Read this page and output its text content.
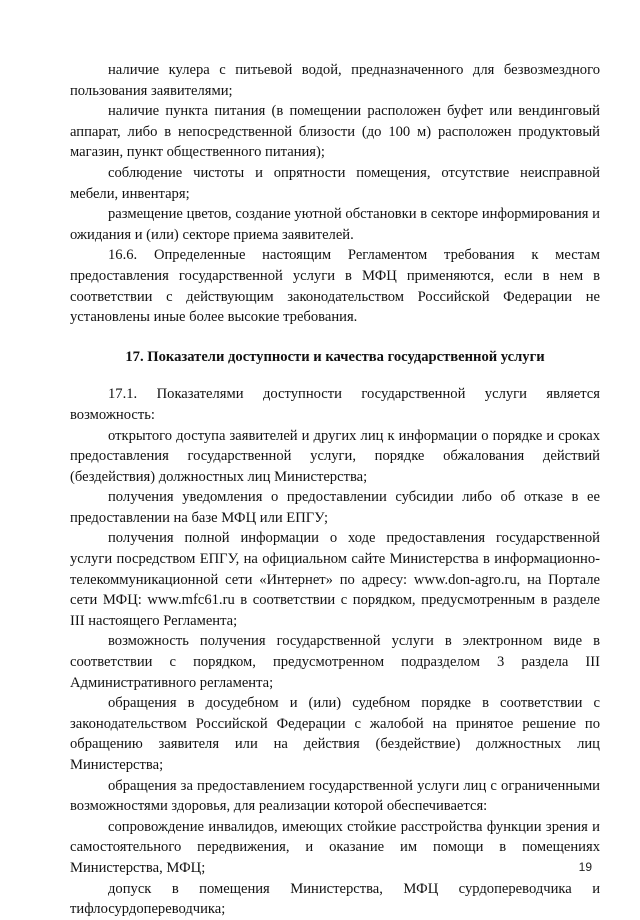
наличие кулера с питьевой водой, предназначенного для безвозмездного пользования заявителями;

наличие пункта питания (в помещении расположен буфет или вендинговый аппарат, либо в непосредственной близости (до 100 м) расположен продуктовый магазин, пункт общественного питания);

соблюдение чистоты и опрятности помещения, отсутствие неисправной мебели, инвентаря;

размещение цветов, создание уютной обстановки в секторе информирования и ожидания и (или) секторе приема заявителей.

16.6. Определенные настоящим Регламентом требования к местам предоставления государственной услуги в МФЦ применяются, если в нем в соответствии с действующим законодательством Российской Федерации не установлены иные более высокие требования.

17. Показатели доступности и качества государственной услуги

17.1. Показателями доступности государственной услуги является возможность:

открытого доступа заявителей и других лиц к информации о порядке и сроках предоставления государственной услуги, порядке обжалования действий (бездействия) должностных лиц Министерства;

получения уведомления о предоставлении субсидии либо об отказе в ее предоставлении на базе МФЦ или ЕПГУ;

получения полной информации о ходе предоставления государственной услуги посредством ЕПГУ, на официальном сайте Министерства в информационно-телекоммуникационной сети «Интернет» по адресу: www.don-agro.ru, на Портале сети МФЦ: www.mfc61.ru в соответствии с порядком, предусмотренным в разделе III настоящего Регламента;

возможность получения государственной услуги в электронном виде в соответствии с порядком, предусмотренном подразделом 3 раздела III Административного регламента;

обращения в досудебном и (или) судебном порядке в соответствии с законодательством Российской Федерации с жалобой на принятое решение по обращению заявителя или на действия (бездействие) должностных лиц Министерства;

обращения за предоставлением государственной услуги лиц с ограниченными возможностями здоровья, для реализации которой обеспечивается:

сопровождение инвалидов, имеющих стойкие расстройства функции зрения и самостоятельного передвижения, и оказание им помощи в помещениях Министерства, МФЦ;

допуск в помещения Министерства, МФЦ сурдопереводчика и тифлосурдопереводчика;

19
